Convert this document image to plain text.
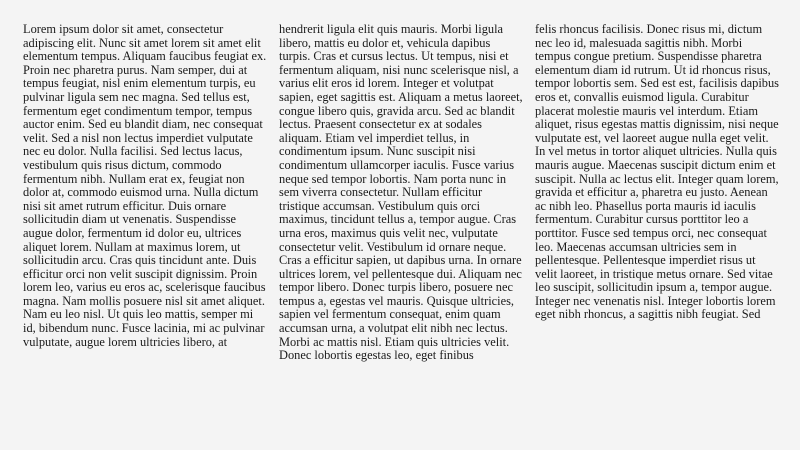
Lorem ipsum dolor sit amet, consectetur adipiscing elit. Nunc sit amet lorem sit amet elit elementum tempus. Aliquam faucibus feugiat ex. Proin nec pharetra purus. Nam semper, dui at tempus feugiat, nisl enim elementum turpis, eu pulvinar ligula sem nec magna. Sed tellus est, fermentum eget condimentum tempor, tempus auctor enim. Sed eu blandit diam, nec consequat velit. Sed a nisl non lectus imperdiet vulputate nec eu dolor. Nulla facilisi. Sed lectus lacus, vestibulum quis risus dictum, commodo fermentum nibh. Nullam erat ex, feugiat non dolor at, commodo euismod urna. Nulla dictum nisi sit amet rutrum efficitur. Duis ornare sollicitudin diam ut venenatis. Suspendisse augue dolor, fermentum id dolor eu, ultrices aliquet lorem. Nullam at maximus lorem, ut sollicitudin arcu. Cras quis tincidunt ante. Duis efficitur orci non velit suscipit dignissim. Proin lorem leo, varius eu eros ac, scelerisque faucibus magna. Nam mollis posuere nisl sit amet aliquet. Nam eu leo nisl. Ut quis leo mattis, semper mi id, bibendum nunc. Fusce lacinia, mi ac pulvinar vulputate, augue lorem ultricies libero, at

hendrerit ligula elit quis mauris. Morbi ligula libero, mattis eu dolor et, vehicula dapibus turpis. Cras et cursus lectus. Ut tempus, nisi et fermentum aliquam, nisi nunc scelerisque nisl, a varius elit eros id lorem. Integer et volutpat sapien, eget sagittis est. Aliquam a metus laoreet, congue libero quis, gravida arcu. Sed ac blandit lectus. Praesent consectetur ex at sodales aliquam. Etiam vel imperdiet tellus, in condimentum ipsum. Nunc suscipit nisi condimentum ullamcorper iaculis. Fusce varius neque sed tempor lobortis. Nam porta nunc in sem viverra consectetur. Nullam efficitur tristique accumsan. Vestibulum quis orci maximus, tincidunt tellus a, tempor augue. Cras urna eros, maximus quis velit nec, vulputate consectetur velit. Vestibulum id ornare neque. Cras a efficitur sapien, ut dapibus urna. In ornare ultrices lorem, vel pellentesque dui. Aliquam nec tempor libero. Donec turpis libero, posuere nec tempus a, egestas vel mauris. Quisque ultricies, sapien vel fermentum consequat, enim quam accumsan urna, a volutpat elit nibh nec lectus. Morbi ac mattis nisl. Etiam quis ultricies velit. Donec lobortis egestas leo, eget finibus

felis rhoncus facilisis. Donec risus mi, dictum nec leo id, malesuada sagittis nibh. Morbi tempus congue pretium. Suspendisse pharetra elementum diam id rutrum. Ut id rhoncus risus, tempor lobortis sem. Sed est est, facilisis dapibus eros et, convallis euismod ligula. Curabitur placerat molestie mauris vel interdum. Etiam aliquet, risus egestas mattis dignissim, nisi neque vulputate est, vel laoreet augue nulla eget velit. In vel metus in tortor aliquet ultricies. Nulla quis mauris augue. Maecenas suscipit dictum enim et suscipit. Nulla ac lectus elit. Integer quam lorem, gravida et efficitur a, pharetra eu justo. Aenean ac nibh leo. Phasellus porta mauris id iaculis fermentum. Curabitur cursus porttitor leo a porttitor. Fusce sed tempus orci, nec consequat leo. Maecenas accumsan ultricies sem in pellentesque. Pellentesque imperdiet risus ut velit laoreet, in tristique metus ornare. Sed vitae leo suscipit, sollicitudin ipsum a, tempor augue. Integer nec venenatis nisl. Integer lobortis lorem eget nibh rhoncus, a sagittis nibh feugiat. Sed
